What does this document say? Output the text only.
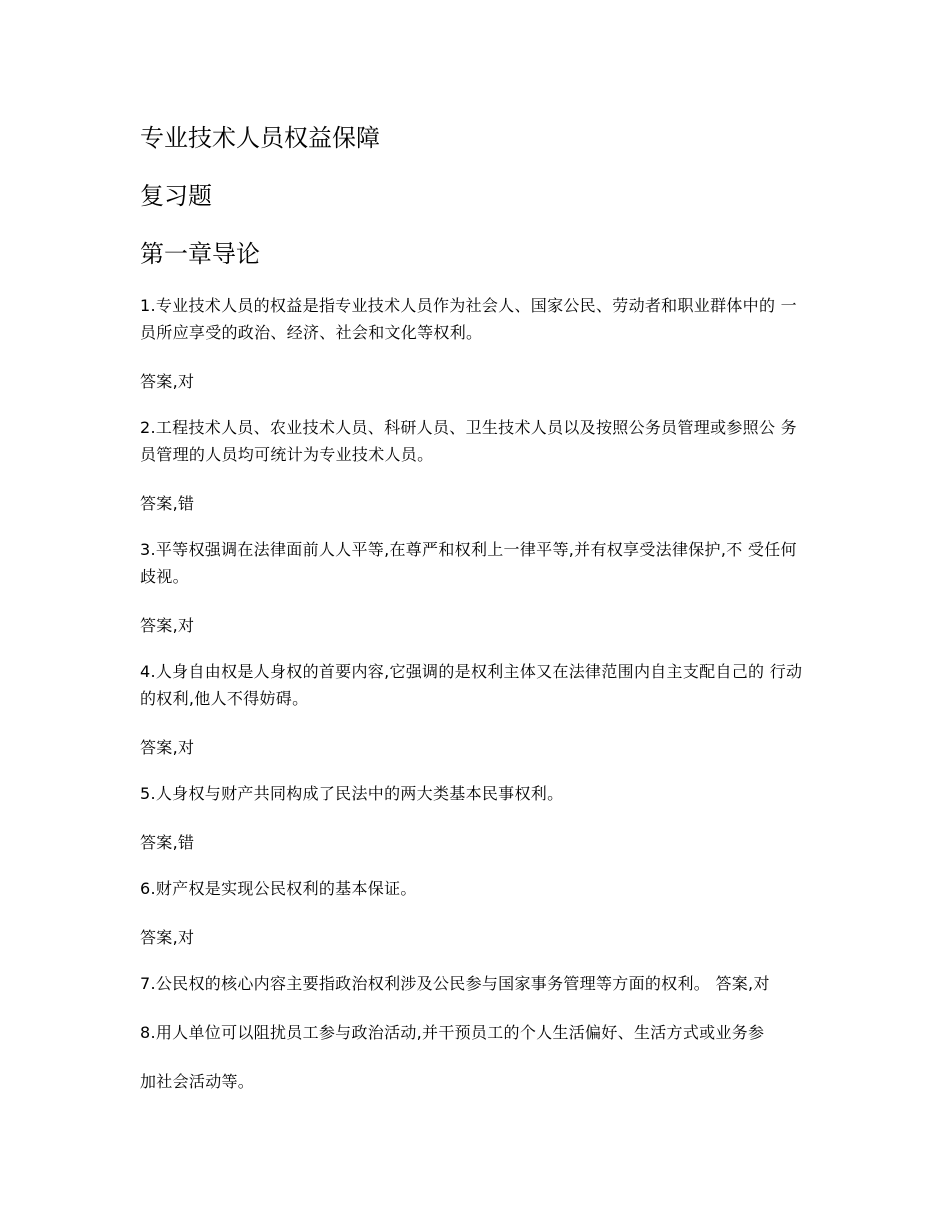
专业技术人员权益保障
复习题
第一章导论

1.专业技术人员的权益是指专业技术人员作为社会人、国家公民、劳动者和职业群体中的 一员所应享受的政治、经济、社会和文化等权利。

答案,对

2.工程技术人员、农业技术人员、科研人员、卫生技术人员以及按照公务员管理或参照公 务员管理的人员均可统计为专业技术人员。

答案,错

3.平等权强调在法律面前人人平等,在尊严和权利上一律平等,并有权享受法律保护,不 受任何歧视。

答案,对

4.人身自由权是人身权的首要内容,它强调的是权利主体又在法律范围内自主支配自己的 行动的权利,他人不得妨碍。

答案,对

5.人身权与财产共同构成了民法中的两大类基本民事权利。

答案,错

6.财产权是实现公民权利的基本保证。

答案,对

7.公民权的核心内容主要指政治权利涉及公民参与国家事务管理等方面的权利。 答案,对

8.用人单位可以阻扰员工参与政治活动,并干预员工的个人生活偏好、生活方式或业务参

加社会活动等。
